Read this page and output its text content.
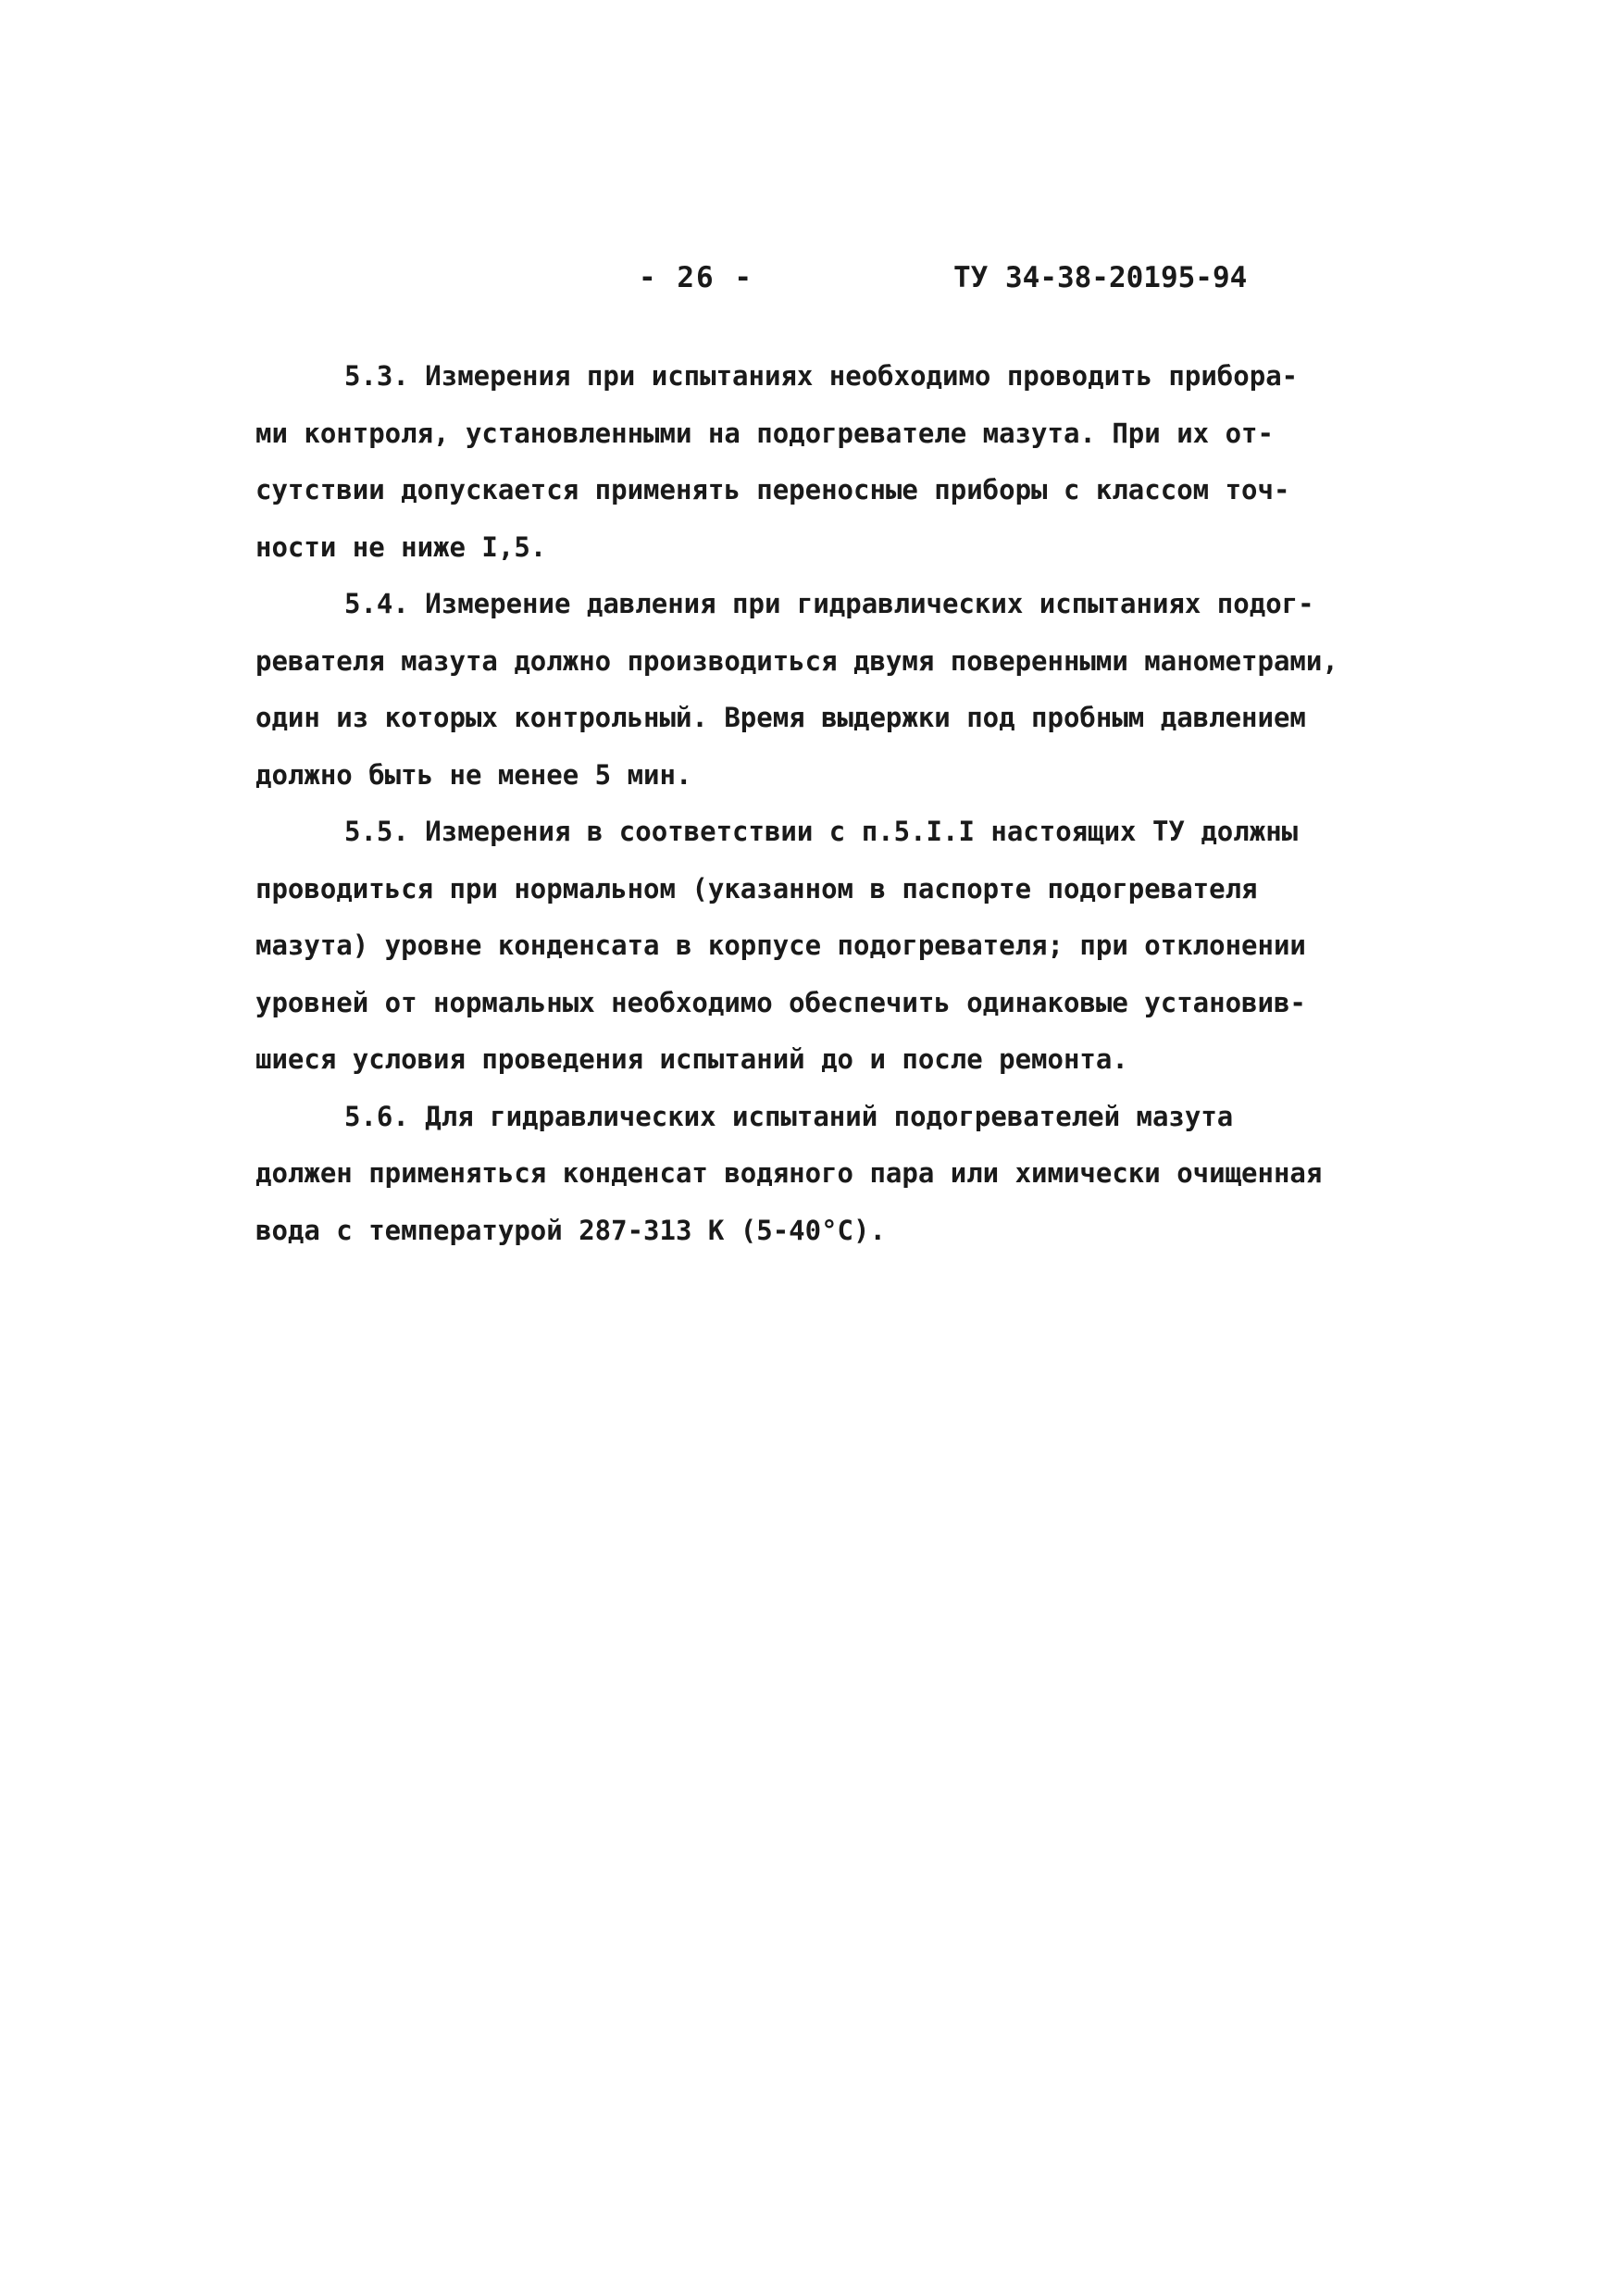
- 26 -	ТУ 34-38-20195-94
5.3. Измерения при испытаниях необходимо проводить прибора-
ми контроля, установленными на подогревателе мазута. При их от-
сутствии допускается применять переносные приборы с классом точ-
ности не ниже I,5.
5.4. Измерение давления при гидравлических испытаниях подог-
ревателя мазута должно производиться двумя поверенными манометрами,
один из которых контрольный. Время выдержки под пробным давлением
должно быть не менее 5 мин.
5.5. Измерения в соответствии с п.5.I.I настоящих ТУ должны
проводиться при нормальном (указанном в паспорте подогревателя
мазута) уровне конденсата в корпусе подогревателя; при отклонении
уровней от нормальных необходимо обеспечить одинаковые установив-
шиеся условия проведения испытаний до и после ремонта.
5.6. Для гидравлических испытаний подогревателей мазута
должен применяться конденсат водяного пара или химически очищенная
вода с температурой 287-313 К (5-40°С).
